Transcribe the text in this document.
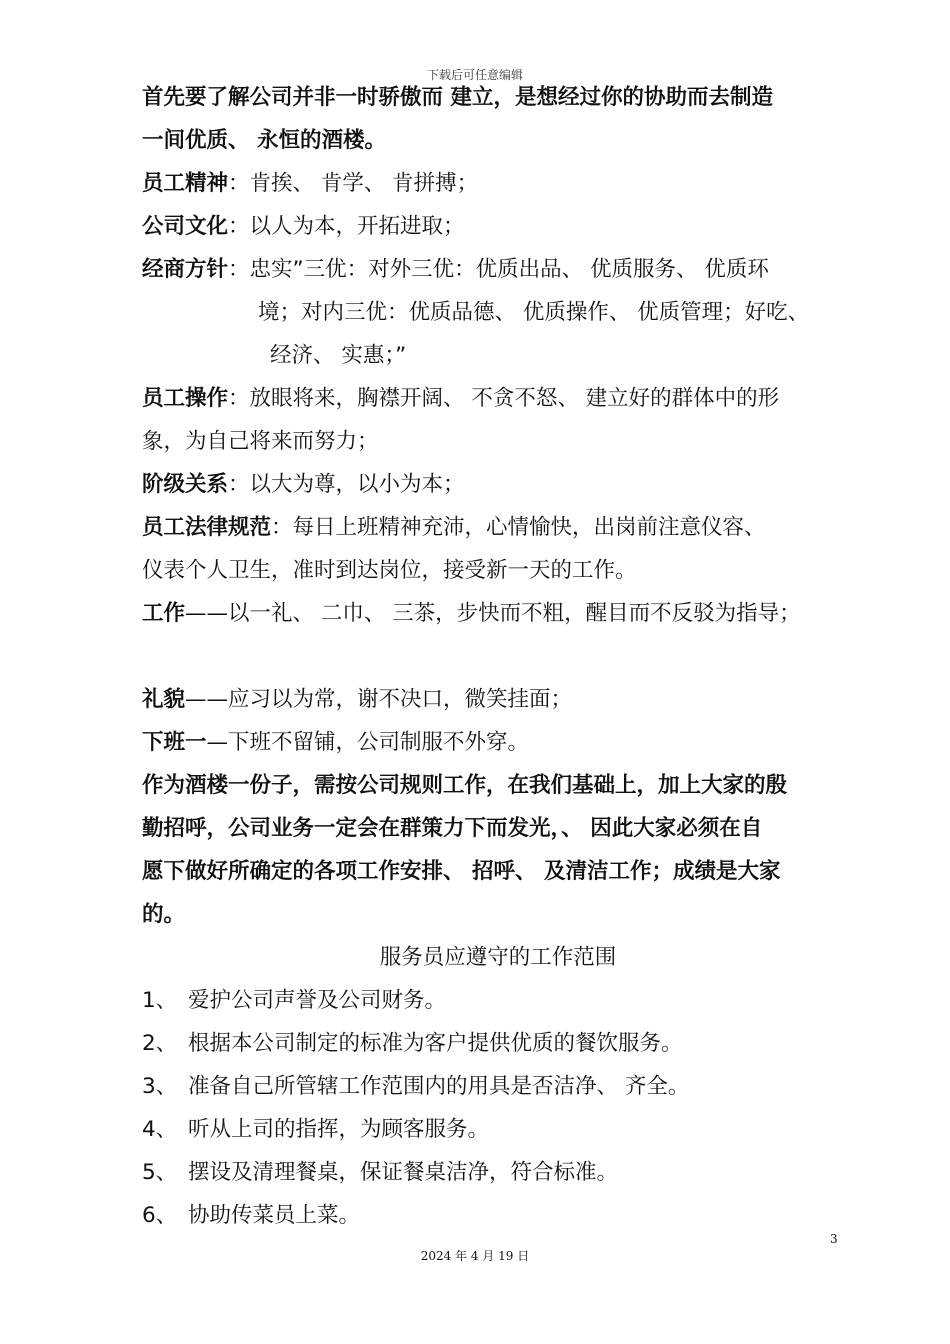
下载后可任意编辑
首先要了解公司并非一时骄傲而 建立，是想经过你的协助而去制造
一间优质、 永恒的酒楼。
员工精神：肯挨、 肯学、 肯拼搏；
公司文化：以人为本，开拓进取；
经商方针：忠实”三优：对外三优：优质出品、 优质服务、 优质环
境；对内三优：优质品德、 优质操作、 优质管理；好吃、
经济、 实惠；”
员工操作：放眼将来，胸襟开阔、 不贪不怒、 建立好的群体中的形
象，为自己将来而努力；
阶级关系：以大为尊，以小为本；
员工法律规范：每日上班精神充沛，心情愉快，出岗前注意仪容、
仪表个人卫生，准时到达岗位，接受新一天的工作。
工作——以一礼、 二巾、 三茶，步快而不粗，醒目而不反驳为指导；
礼貌——应习以为常，谢不决口，微笑挂面；
下班一—下班不留铺，公司制服不外穿。
作为酒楼一份子，需按公司规则工作，在我们基础上，加上大家的殷
勤招呼，公司业务一定会在群策力下而发光，、 因此大家必须在自
愿下做好所确定的各项工作安排、 招呼、 及清洁工作；成绩是大家
的。
服务员应遵守的工作范围
1、 爱护公司声誉及公司财务。
2、 根据本公司制定的标准为客户提供优质的餐饮服务。
3、 准备自己所管辖工作范围内的用具是否洁净、 齐全。
4、 听从上司的指挥，为顾客服务。
5、 摆设及清理餐桌，保证餐桌洁净，符合标准。
6、 协助传菜员上菜。
3
2024 年 4 月 19 日
